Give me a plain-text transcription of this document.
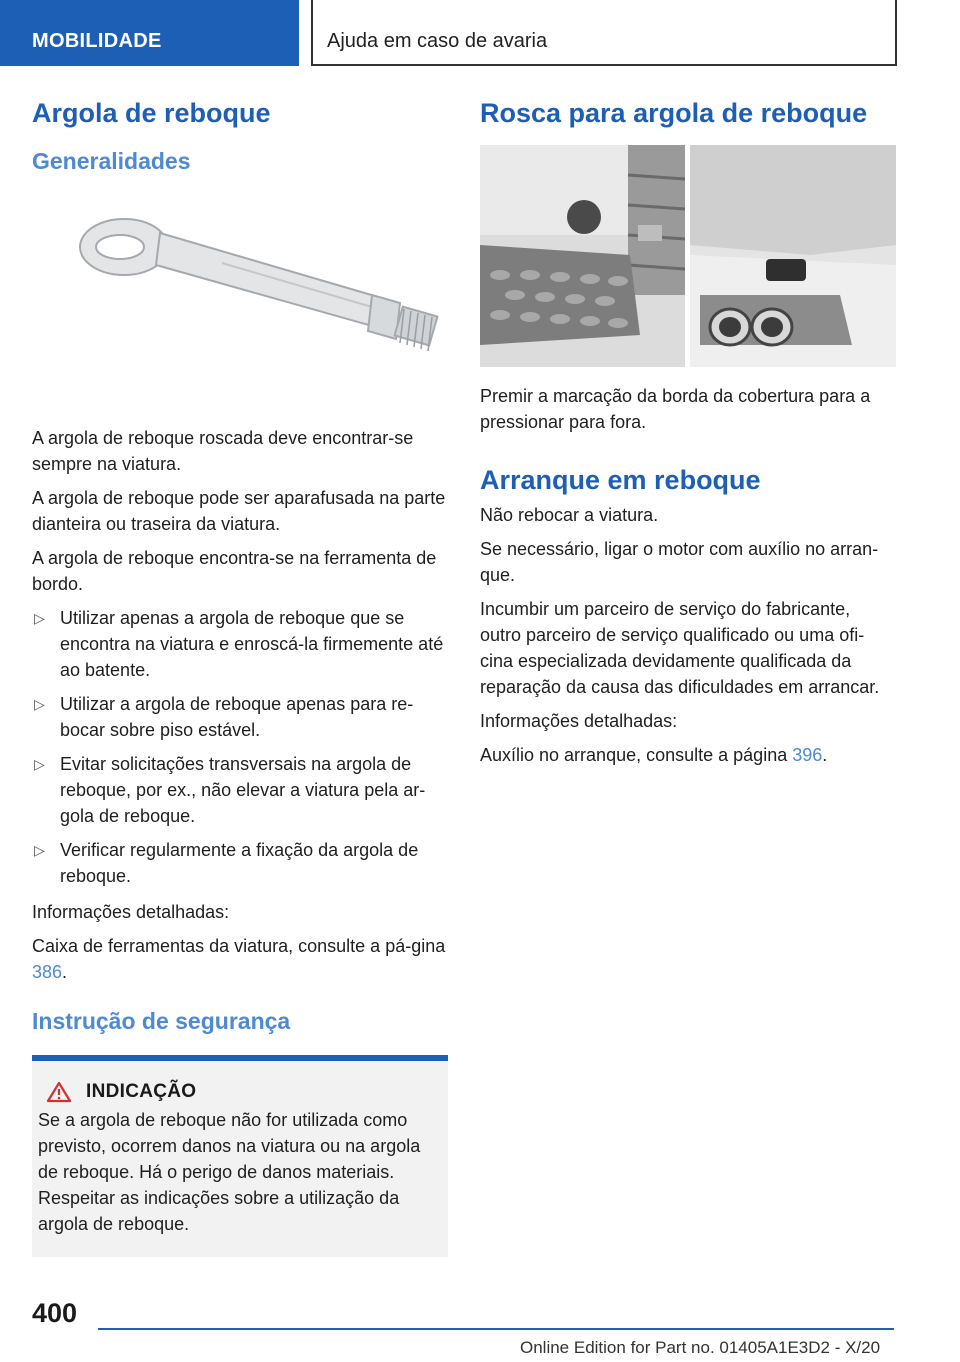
MOBILIDADE	Ajuda em caso de avaria
Argola de reboque
Generalidades

A argola de reboque roscada deve encontrar-se sempre na viatura.

A argola de reboque pode ser aparafusada na parte dianteira ou traseira da viatura.

A argola de reboque encontra-se na ferramenta de bordo.

▷ Utilizar apenas a argola de reboque que se encontra na viatura e enroscá-la firmemente até ao batente.
▷ Utilizar a argola de reboque apenas para re-bocar sobre piso estável.
▷ Evitar solicitações transversais na argola de reboque, por ex., não elevar a viatura pela ar-gola de reboque.
▷ Verificar regularmente a fixação da argola de reboque.

Informações detalhadas:

Caixa de ferramentas da viatura, consulte a pá-gina 386.

Instrução de segurança
INDICAÇÃO

Se a argola de reboque não for utilizada como previsto, ocorrem danos na viatura ou na argola de reboque. Há o perigo de danos materiais. Respeitar as indicações sobre a utilização da argola de reboque.

Rosca para argola de reboque

Premir a marcação da borda da cobertura para a pressionar para fora.

Arranque em reboque

Não rebocar a viatura.

Se necessário, ligar o motor com auxílio no arran-que.

Incumbir um parceiro de serviço do fabricante, outro parceiro de serviço qualificado ou uma ofi-cina especializada devidamente qualificada da reparação da causa das dificuldades em arrancar.

Informações detalhadas:

Auxílio no arranque, consulte a página 396.

400
Online Edition for Part no. 01405A1E3D2 - X/20
